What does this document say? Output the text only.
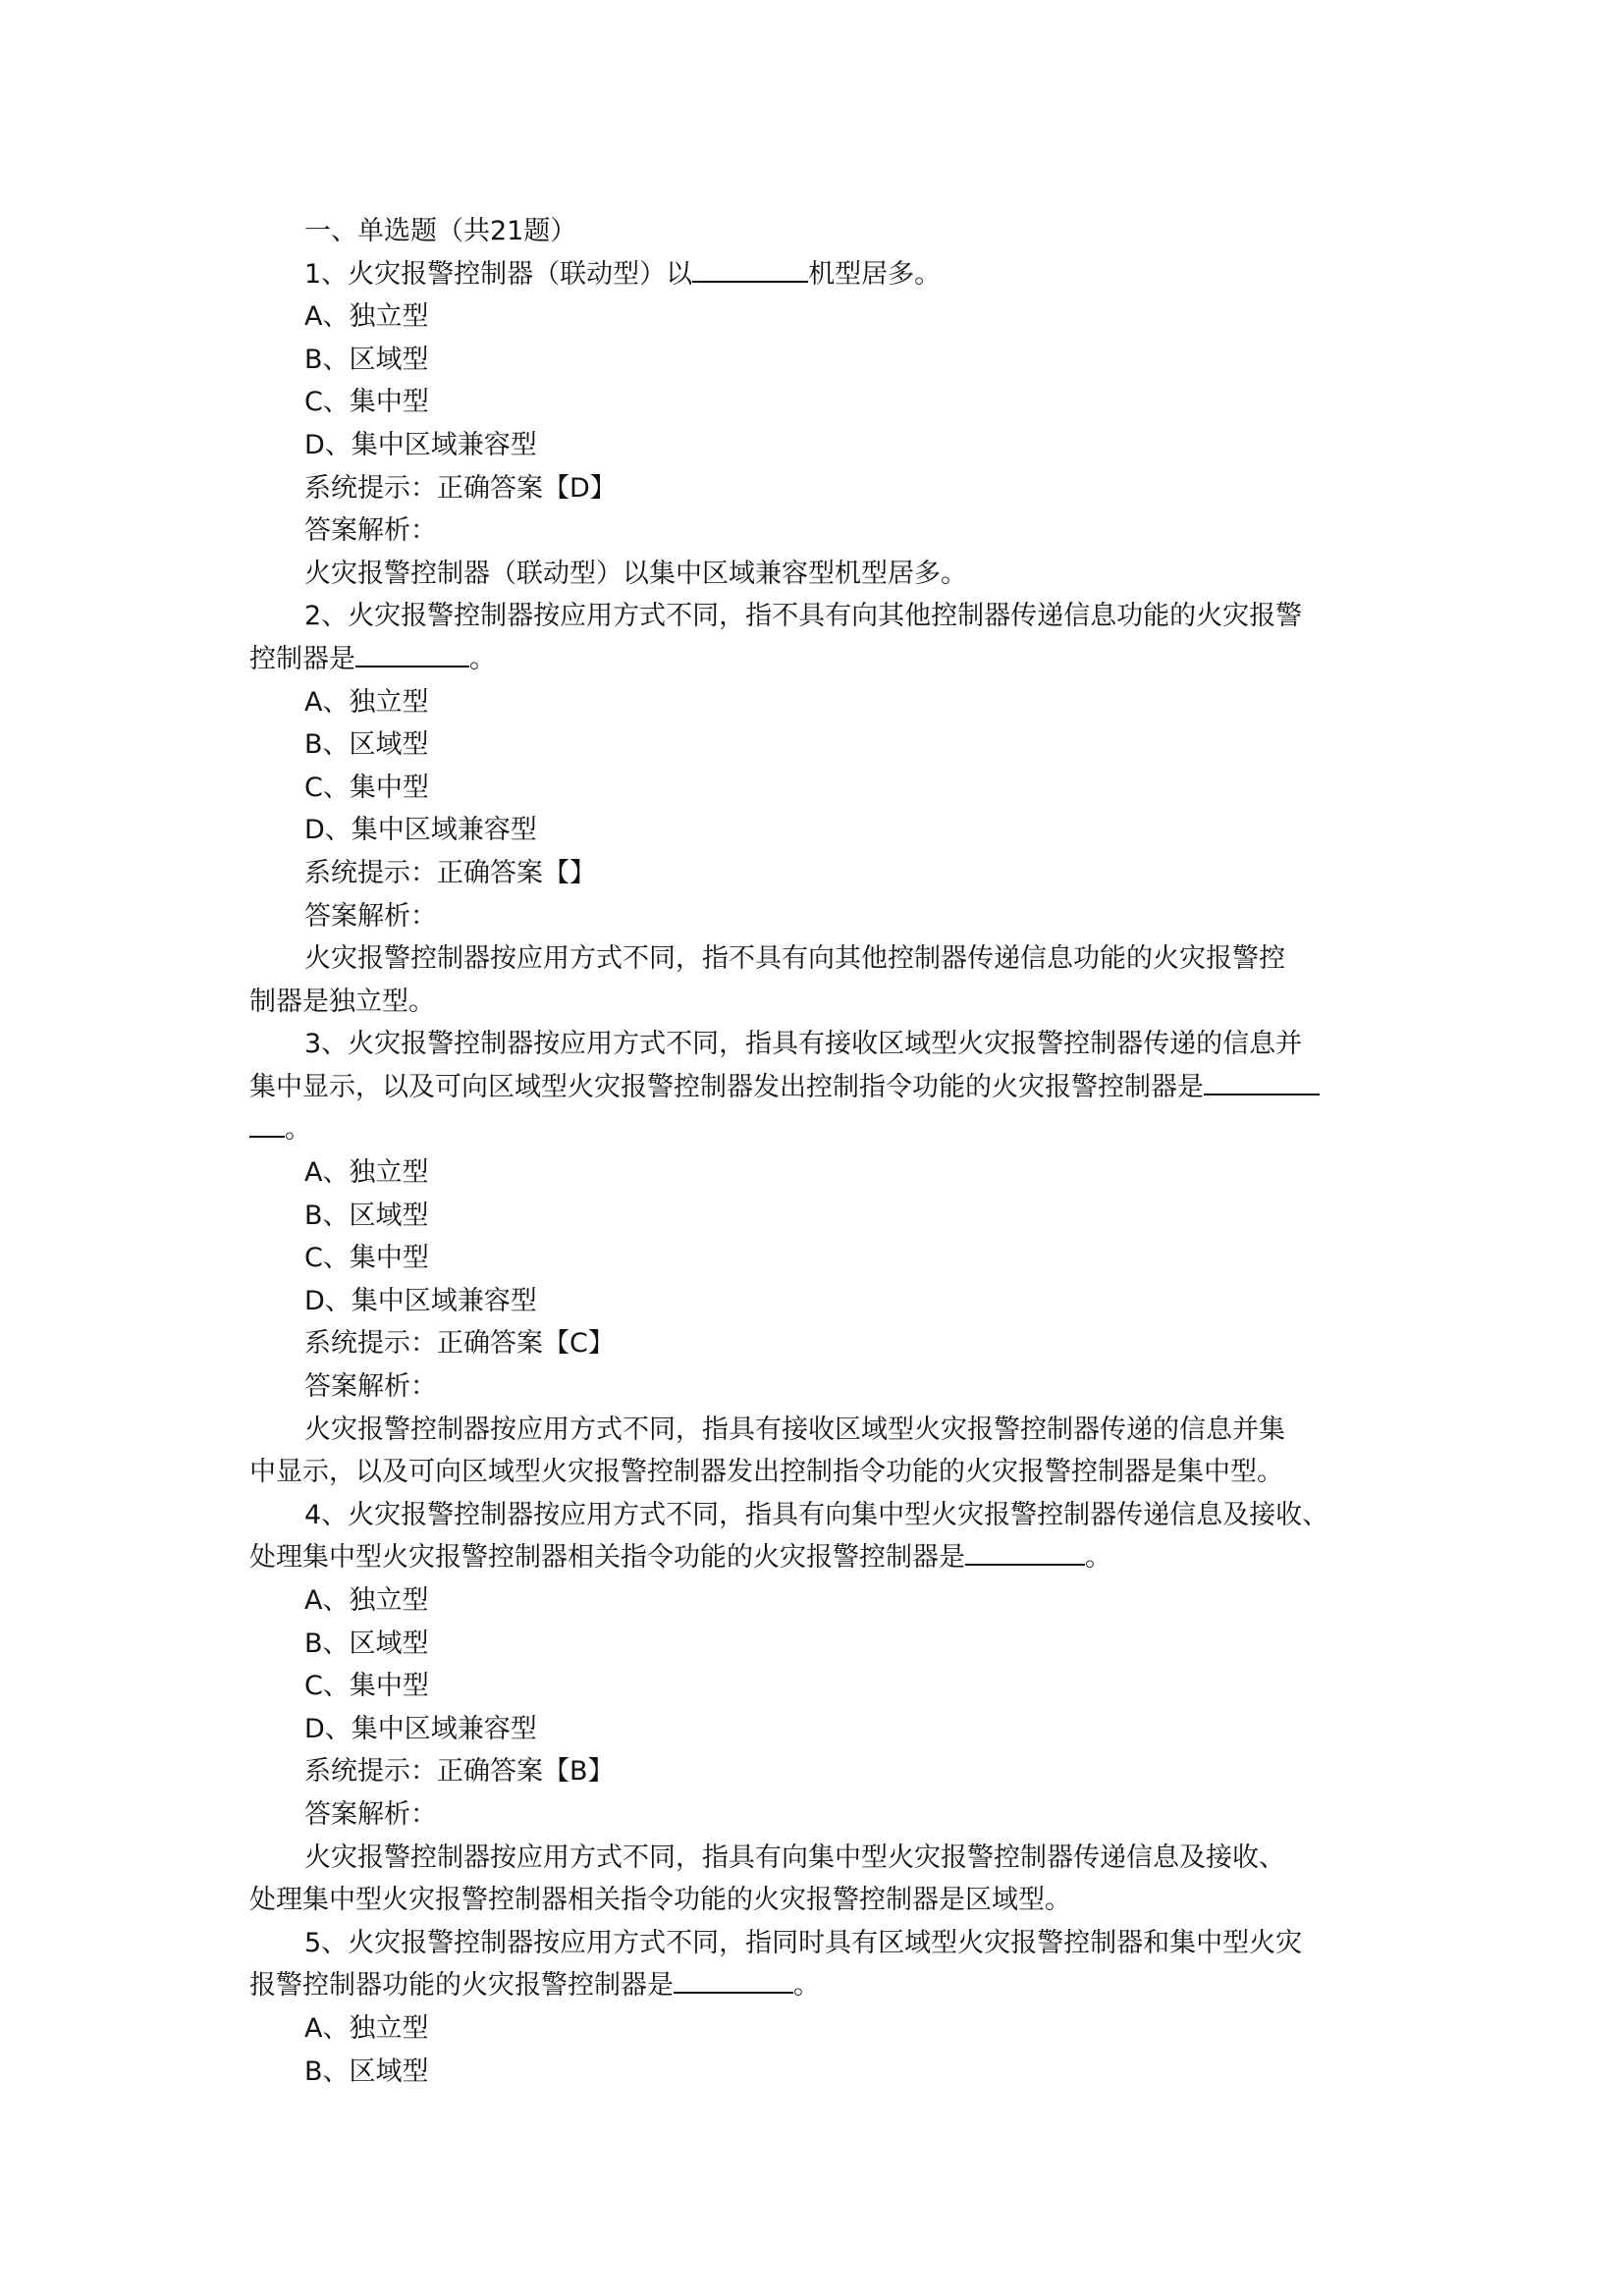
一、单选题（共21题）
1、火灾报警控制器（联动型）以	机型居多。
A、独立型
B、区域型
C、集中型
D、集中区域兼容型
系统提示：正确答案【D】
答案解析：
火灾报警控制器（联动型）以集中区域兼容型机型居多。
2、火灾报警控制器按应用方式不同，指不具有向其他控制器传递信息功能的火灾报警
控制器是	。
A、独立型
B、区域型
C、集中型
D、集中区域兼容型
系统提示：正确答案【】
答案解析：
火灾报警控制器按应用方式不同，指不具有向其他控制器传递信息功能的火灾报警控
制器是独立型。
3、火灾报警控制器按应用方式不同，指具有接收区域型火灾报警控制器传递的信息并
集中显示，以及可向区域型火灾报警控制器发出控制指令功能的火灾报警控制器是
。
A、独立型
B、区域型
C、集中型
D、集中区域兼容型
系统提示：正确答案【C】
答案解析：
火灾报警控制器按应用方式不同，指具有接收区域型火灾报警控制器传递的信息并集
中显示，以及可向区域型火灾报警控制器发出控制指令功能的火灾报警控制器是集中型。
4、火灾报警控制器按应用方式不同，指具有向集中型火灾报警控制器传递信息及接收、
处理集中型火灾报警控制器相关指令功能的火灾报警控制器是	。
A、独立型
B、区域型
C、集中型
D、集中区域兼容型
系统提示：正确答案【B】
答案解析：
火灾报警控制器按应用方式不同，指具有向集中型火灾报警控制器传递信息及接收、
处理集中型火灾报警控制器相关指令功能的火灾报警控制器是区域型。
5、火灾报警控制器按应用方式不同，指同时具有区域型火灾报警控制器和集中型火灾
报警控制器功能的火灾报警控制器是	。
A、独立型
B、区域型
